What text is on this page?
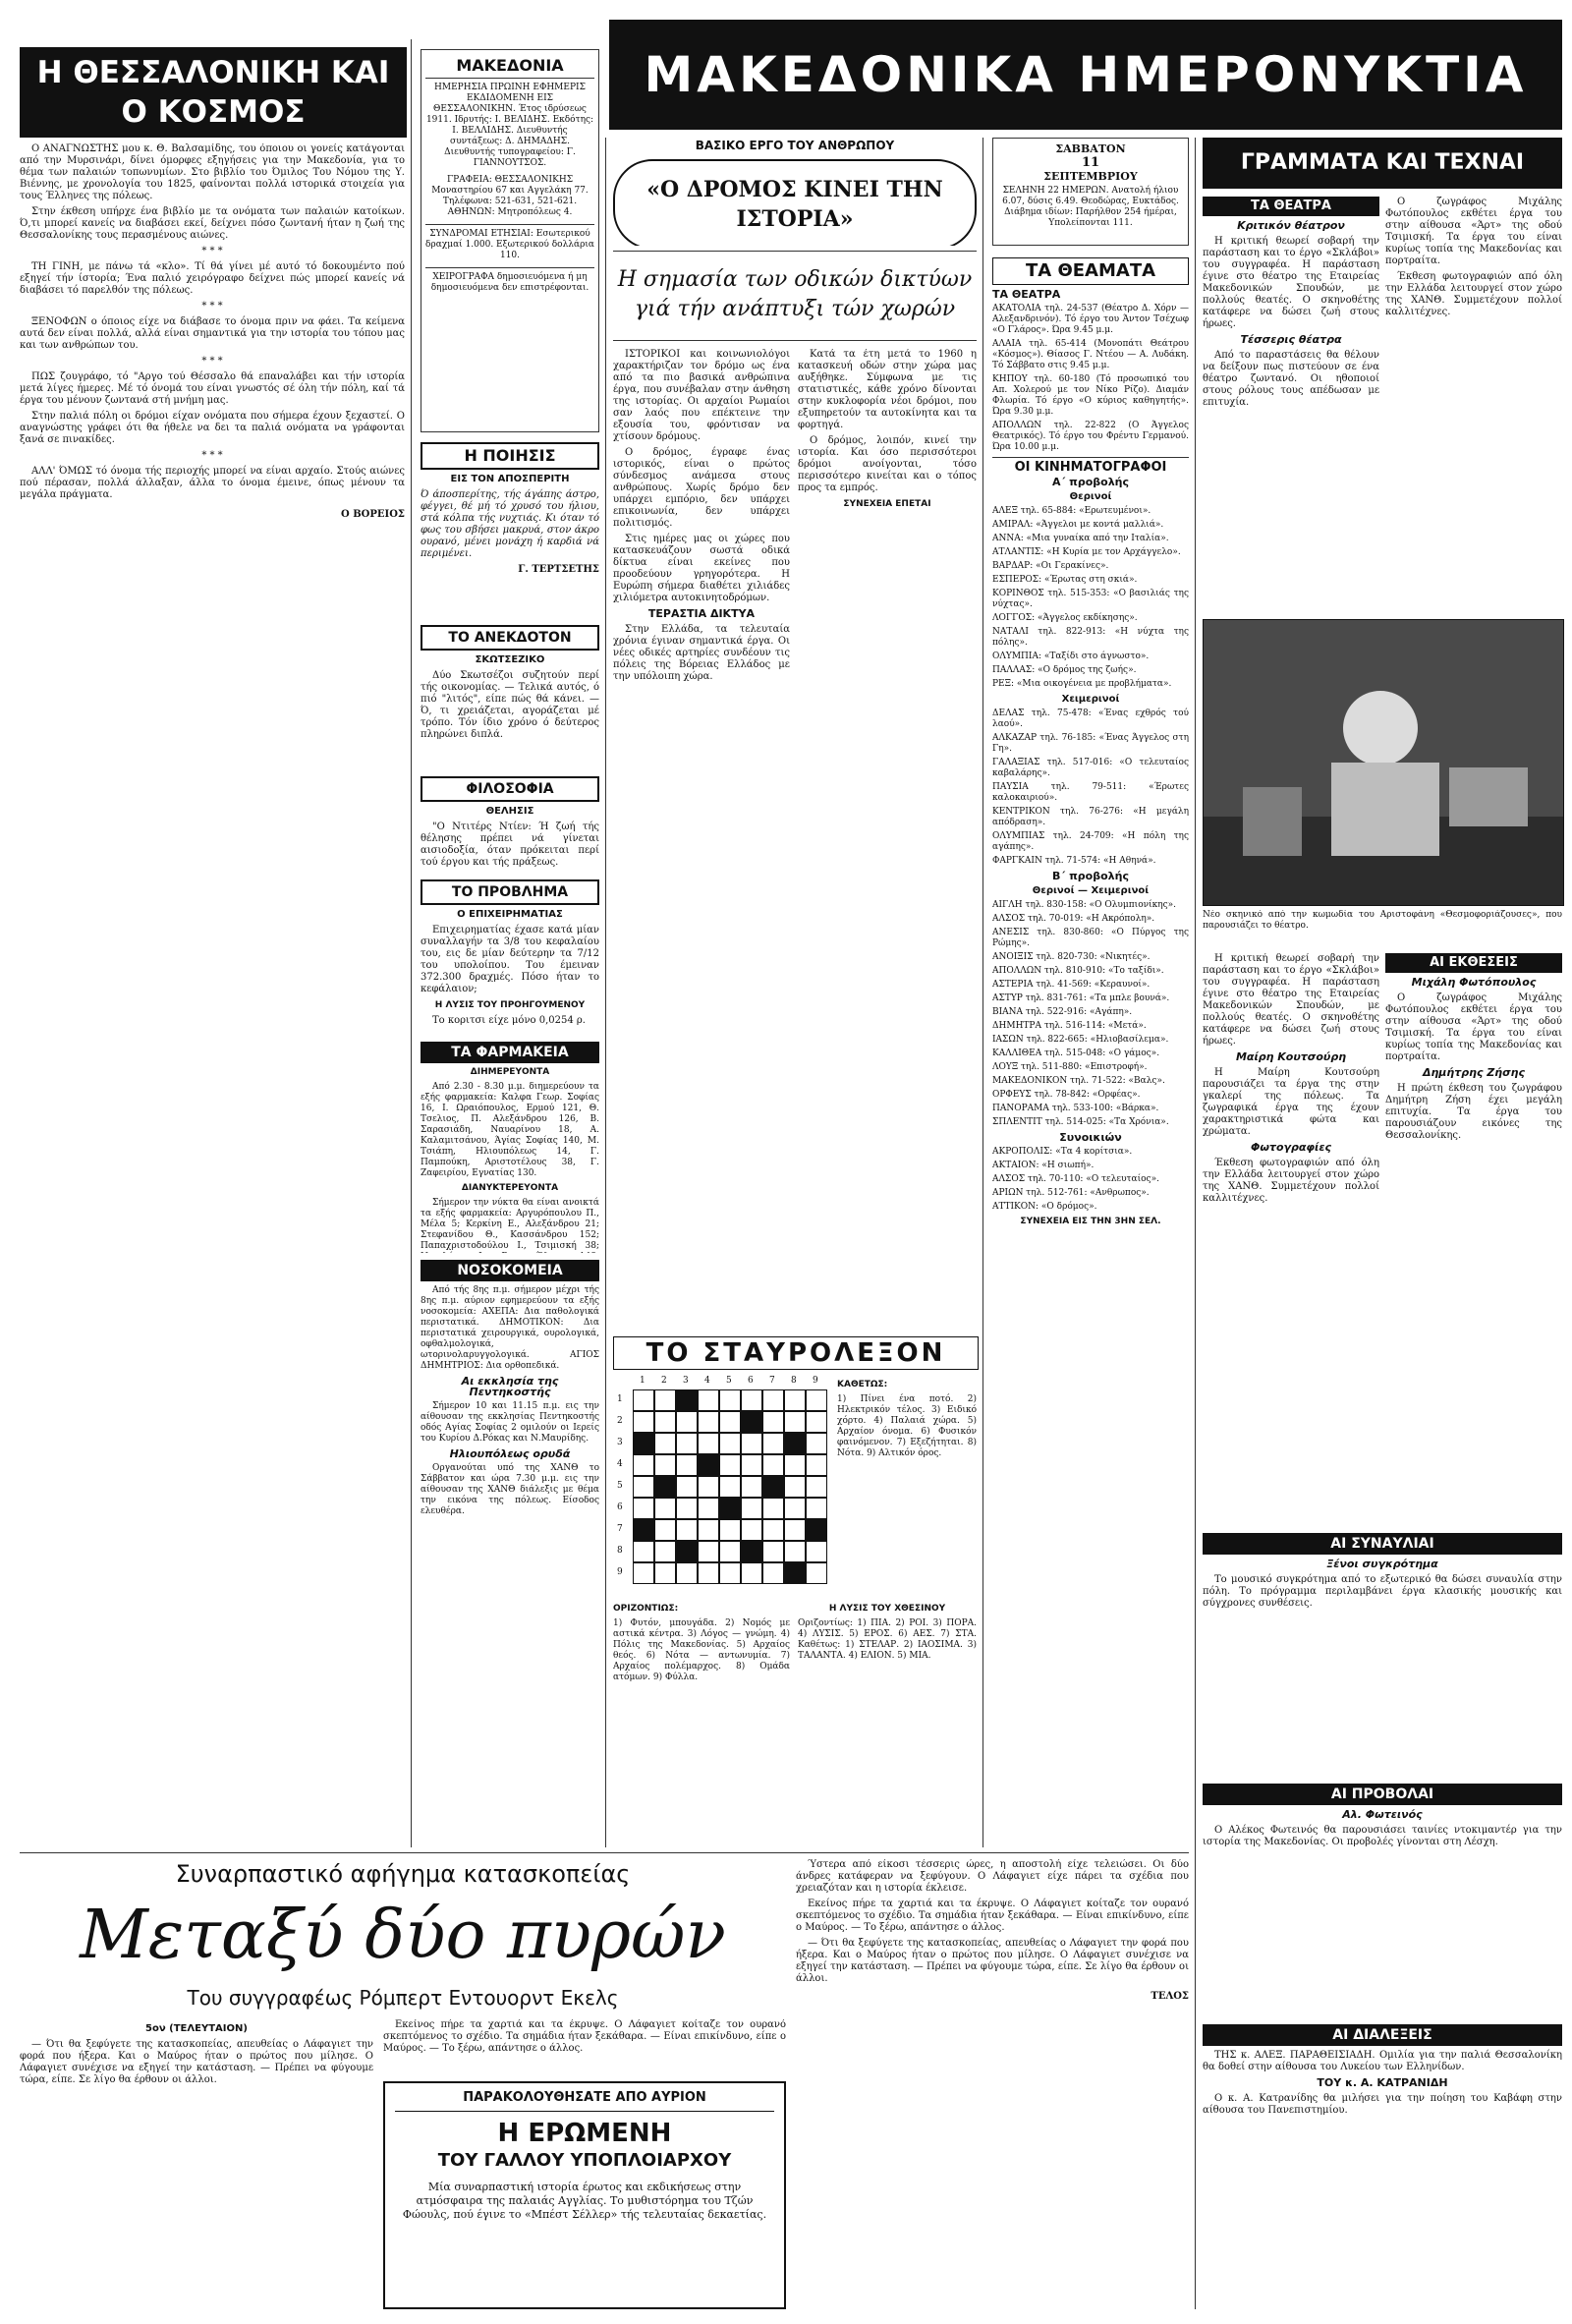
ΜΑΚΕΔΟΝΙΚΑ ΗΜΕΡΟΝΥΚΤΙΑ
Η ΘΕΣΣΑΛΟΝΙΚΗ ΚΑΙ Ο ΚΟΣΜΟΣ

Ο ΑΝΑΓΝΩΣΤΗΣ μου κ. Θ. Βαλσαμίδης, του όποιου οι γονείς κατάγονται από την Μυρσινάρι, δίνει όμορφες εξηγήσεις για την Μακεδονία, για το θέμα των παλαιών τοπωνυμίων. Στο βιβλίο του Όμιλος Του Νόμου της Υ. Βιέννης, με χρονολογία του 1825, φαίνονται πολλά ιστορικά στοιχεία για τους Έλληνες της πόλεως.

Στην έκθεση υπήρχε ένα βιβλίο με τα ονόματα των παλαιών κατοίκων. Ό,τι μπορεί κανείς να διαβάσει εκεί, δείχνει πόσο ζωντανή ήταν η ζωή της Θεσσαλονίκης τους περασμένους αιώνες.

* * *

ΤΗ ΓΙΝΗ, με πάνω τά «κλο». Τί θά γίνει μέ αυτό τό δοκουμέντο πού εξηγεί τήν ίστορία; Ένα παλιό χειρόγραφο δείχνει πώς μπορεί κανείς νά διαβάσει τό παρελθόν της πόλεως.

* * *

ΞΕΝΟΦΩΝ ο όποιος είχε να διάβασε το όνομα πριν να φάει. Τα κείμενα αυτά δεν είναι πολλά, αλλά είναι σημαντικά για την ιστορία του τόπου μας και των ανθρώπων του.

* * *

ΠΩΣ ζουγράφο, τό "Αργο τού Θέσσαλο θά επαναλάβει και τήν ιστορία μετά λίγες ήμερες. Μέ τό όνομά του είναι γνωστός σέ όλη τήν πόλη, καί τά έργα του μένουν ζωντανά στή μνήμη μας.

Στην παλιά πόλη οι δρόμοι είχαν ονόματα που σήμερα έχουν ξεχαστεί. Ο αναγνώστης γράφει ότι θα ήθελε να δει τα παλιά ονόματα να γράφονται ξανά σε πινακίδες.

* * *

ΑΛΛ' ΌΜΩΣ τό όνομα τής περιοχής μπορεί να είναι αρχαίο. Στούς αιώνες πού πέρασαν, πολλά άλλαξαν, άλλα το όνομα έμεινε, όπως μένουν τα μεγάλα πράγματα.

Ο ΒΟΡΕΙΟΣ
ΜΑΚΕΔΟΝΙΑ
ΗΜΕΡΗΣΙΑ ΠΡΩΙΝΗ ΕΦΗΜΕΡΙΣ ΕΚΔΙΔΟΜΕΝΗ ΕΙΣ ΘΕΣΣΑΛΟΝΙΚΗΝ. Έτος ιδρύσεως 1911. Ιδρυτής: Ι. ΒΕΛΙΔΗΣ. Εκδότης: Ι. ΒΕΛΛΙΔΗΣ. Διευθυντής συντάξεως: Δ. ΔΗΜΑΔΗΣ. Διευθυντής τυπογραφείου: Γ. ΓΙΑΝΝΟΥΤΣΟΣ.
ΓΡΑΦΕΙΑ: ΘΕΣΣΑΛΟΝΙΚΗΣ Μοναστηρίου 67 και Αγγελάκη 77. Τηλέφωνα: 521-631, 521-621. ΑΘΗΝΩΝ: Μητροπόλεως 4.
ΣΥΝΔΡΟΜΑΙ ΕΤΗΣΙΑΙ: Εσωτερικού δραχμαί 1.000. Εξωτερικού δολλάρια 110.
ΧΕΙΡΟΓΡΑΦΑ δημοσιευόμενα ή μη δημοσιευόμενα δεν επιστρέφονται.
Η ΠΟΙΗΣΙΣ
ΕΙΣ ΤΟΝ ΑΠΟΣΠΕΡΙΤΗ

Ό άποσπερίτης, τής άγάπης άστρο, φέγγει, θέ μή τό χρυσό του ήλιου, στά κόλπα τής νυχτιάς. Κι όταν τό φως του σβήσει μακρυά, στον άκρο ουρανό, μένει μονάχη ή καρδιά νά περιμένει.

Γ. ΤΕΡΤΣΕΤΗΣ
ΤΟ ΑΝΕΚΔΟΤΟΝ
ΣΚΩΤΣΕΖΙΚΟ

Δύο Σκωτσέζοι συζητούν περί τής οικονομίας. — Τελικά αυτός, ό πιό "λιτός", είπε πώς θά κάνει. — Ό, τι χρειάζεται, αγοράζεται μέ τρόπο. Τόν ίδιο χρόνο ό δεύτερος πληρώνει διπλά.

ΦΙΛΟΣΟΦΙΑ
ΘΕΛΗΣΙΣ

"Ο Ντιτέρς Ντίεν: Ή ζωή τής θέλησης πρέπει νά γίνεται αισιοδοξία, όταν πρόκειται περί τού έργου και τής πράξεως.

ΤΟ ΠΡΟΒΛΗΜΑ
Ο ΕΠΙΧΕΙΡΗΜΑΤΙΑΣ

Επιχειρηματίας έχασε κατά μίαν συναλλαγήν τα 3/8 του κεφαλαίου του, εις δε μίαν δεύτερην τα 7/12 του υπολοίπου. Του έμειναν 372.300 δραχμές. Πόσο ήταν το κεφάλαιον;

Η ΛΥΣΙΣ ΤΟΥ ΠΡΟΗΓΟΥΜΕΝΟΥ

Το κοριτσι είχε μόνο 0,0254 ρ.

ΤΑ ΦΑΡΜΑΚΕΙΑ
ΔΙΗΜΕΡΕΥΟΝΤΑ

Από 2.30 - 8.30 μ.μ. διημερεύουν τα εξής φαρμακεία: Καλφα Γεωρ. Σοφίας 16, Ι. Ωραιόπουλος, Ερμού 121, Θ. Τσελιος, Π. Αλεξάνδρου 126, Β. Σαρασιάδη, Ναυαρίνου 18, Α. Καλαμιτσάνου, Άγίας Σοφίας 140, Μ. Τσιάπη, Ηλιουπόλεως 14, Γ. Παμπούκη, Αριστοτέλους 38, Γ. Ζαφειρίου, Εγνατίας 130.

ΔΙΑΝΥΚΤΕΡΕΥΟΝΤΑ

Σήμερον την νύκτα θα είναι ανοικτά τα εξής φαρμακεία: Αργυρόπουλου Π., Μέλα 5; Κερκίνη Ε., Αλεξάνδρου 21; Στεφανίδου Θ., Κασσάνδρου 152; Παπαχριστοδούλου Ι., Τσιμισκή 38;

ΝΟΣΟΚΟΜΕΙΑ

Από τής 8ης π.μ. σήμερον μέχρι τής 8ης π.μ. αύριον εφημερεύουν τα εξής νοσοκομεία: ΑΧΕΠΑ: Δια παθολογικά περιστατικά. ΔΗΜΟΤΙΚΟΝ: Δια περιστατικά χειρουργικά, ουρολογικά, οφθαλμολογικά, ωτορινολαρυγγολογικά. ΑΓΙΟΣ ΔΗΜΗΤΡΙΟΣ: Δια ορθοπεδικά.

Αι εκκλησία της Πεντηκοστής

Σήμερον 10 και 11.15 π.μ. εις την αίθουσαν της εκκλησίας Πεντηκοστής οδός Αγίας Σοφίας 2 ομιλούν οι Ιερείς του Κυρίου Δ.Ρόκας και Ν.Μαυρίδης.

Ηλιουπόλεως ορυδά

Οργανούται υπό της ΧΑΝΘ το Σάββατον και ώρα 7.30 μ.μ. εις την αίθουσαν της ΧΑΝΘ διάλεξις με θέμα την εικόνα της πόλεως. Είσοδος ελευθέρα.

ΒΑΣΙΚΟ ΕΡΓΟ ΤΟΥ ΑΝΘΡΩΠΟΥ
«Ο ΔΡΟΜΟΣ ΚΙΝΕΙ ΤΗΝ ΙΣΤΟΡΙΑ»
Η σημασία των οδικών δικτύων γιά τήν ανάπτυξι τών χωρών

ΙΣΤΟΡΙΚΟΙ και κοινωνιολόγοι χαρακτήριζαν τον δρόμο ως ένα από τα πιο βασικά ανθρώπινα έργα, που συνέβαλαν στην άνθηση της ιστορίας. Οι αρχαίοι Ρωμαίοι σαν λαός που επέκτεινε την εξουσία του, φρόντισαν να χτίσουν δρόμους.

Ο δρόμος, έγραφε ένας ιστορικός, είναι ο πρώτος σύνδεσμος ανάμεσα στους ανθρώπους. Χωρίς δρόμο δεν υπάρχει εμπόριο, δεν υπάρχει επικοινωνία, δεν υπάρχει πολιτισμός.

Στις ημέρες μας οι χώρες που κατασκευάζουν σωστά οδικά δίκτυα είναι εκείνες που προοδεύουν γρηγορότερα. Η Ευρώπη σήμερα διαθέτει χιλιάδες χιλιόμετρα αυτοκινητοδρόμων.

ΤΕΡΑΣΤΙΑ ΔΙΚΤΥΑ

Στην Ελλάδα, τα τελευταία χρόνια έγιναν σημαντικά έργα. Οι νέες οδικές αρτηρίες συνδέουν τις πόλεις της Βόρειας Ελλάδος με την υπόλοιπη χώρα.

Κατά τα έτη μετά το 1960 η κατασκευή οδών στην χώρα μας αυξήθηκε. Σύμφωνα με τις στατιστικές, κάθε χρόνο δίνονται στην κυκλοφορία νέοι δρόμοι, που εξυπηρετούν τα αυτοκίνητα και τα φορτηγά.

Ο δρόμος, λοιπόν, κινεί την ιστορία. Και όσο περισσότεροι δρόμοι ανοίγονται, τόσο περισσότερο κινείται και ο τόπος προς τα εμπρός.

ΣΥΝΕΧΕΙΑ ΕΠΕΤΑΙ
ΤΟ ΣΤΑΥΡΟΛΕΞΟΝ
1 2 3 4 5 6 7 8 9
1
2
3
4
5
6
7
8
9
ΚΑΘΕΤΩΣ:

1) Πίνει ένα ποτό. 2) Ηλεκτρικόν τέλος. 3) Ειδικό χόρτο. 4) Παλαιά χώρα. 5) Αρχαίον όνομα. 6) Φυσικόν φαινόμενον. 7) Εξεζήτηται. 8) Νότα. 9) Αλτικόν όρος.

ΟΡΙΖΟΝΤΙΩΣ:

1) Φυτόν, μπουγάδα. 2) Νομός με αστικά κέντρα. 3) Λόγος — γνώμη. 4) Πόλις της Μακεδονίας. 5) Αρχαίος θεός. 6) Νότα — αντωνυμία. 7) Αρχαίος πολέμαρχος. 8) Ομάδα ατόμων. 9) Φύλλα.

Η ΛΥΣΙΣ ΤΟΥ ΧΘΕΣΙΝΟΥ

Οριζοντίως: 1) ΠΙΑ. 2) ΡΟΙ. 3) ΠΟΡΑ. 4) ΛΥΣΙΣ. 5) ΕΡΟΣ. 6) ΑΕΣ. 7) ΣΤΑ. Καθέτως: 1) ΣΤΕΛΑΡ. 2) ΙΑΟΣΙΜΑ. 3) ΤΑΛΑΝΤΑ. 4) ΕΛΙΟΝ. 5) ΜΙΑ.

ΣΑΒΒΑΤΟΝ
11
ΣΕΠΤΕΜΒΡΙΟΥ
ΣΕΛΗΝΗ 22 ΗΜΕΡΩΝ. Ανατολή ήλιου 6.07, δύσις 6.49. Θεοδώρας, Ευκτάδος. Διάβημα ιδίων: Παρήλθον 254 ήμέραι, Υπολείπονται 111.
ΤΑ ΘΕΑΜΑΤΑ
ΤΑ ΘΕΑΤΡΑ
ΑΚΑΤΟΛΙΑ τηλ. 24-537 (Θέατρο Δ. Χόρν — Αλεξανδρινόν). Τό έργο του Άντον Τσέχωφ «Ο Γλάρος». Ώρα 9.45 μ.μ.
ΑΛΑΙΑ τηλ. 65-414 (Μονοπάτι Θεάτρου «Κόσμος»). Θίασος Γ. Ντέου — Α. Λυδάκη. Τό Σάββατο στις 9.45 μ.μ.
ΚΗΠΟΥ τηλ. 60-180 (Τό προσωπικό του Απ. Χολερού με τον Νίκο Ρίζο). Διαμάν Φλωρία. Τό έργο «Ο κύριος καθηγητής». Ώρα 9.30 μ.μ.
ΑΠΟΛΛΩΝ τηλ. 22-822 (Ο Άγγελος Θεατρικός). Τό έργο του Φρέντυ Γερμανού. Ώρα 10.00 μ.μ.
ΟΙ ΚΙΝΗΜΑΤΟΓΡΑΦΟΙ
Α΄ προβολής
Θερινοί
ΑΛΕΞ τηλ. 65-884: «Ερωτευμένοι».
ΑΜΙΡΑΛ: «Άγγελοι με κοντά μαλλιά».
ΑΝΝΑ: «Μια γυναίκα από την Ιταλία».
ΑΤΛΑΝΤΙΣ: «Η Κυρία με τον Αρχάγγελο».
ΒΑΡΔΑΡ: «Οι Γερακίνες».
ΕΣΠΕΡΟΣ: «Έρωτας στη σκιά».
ΚΟΡΙΝΘΟΣ τηλ. 515-353: «Ο βασιλιάς της νύχτας».
ΛΟΓΓΟΣ: «Άγγελος εκδίκησης».
ΝΑΤΑΛΙ τηλ. 822-913: «Η νύχτα της πόλης».
ΟΛΥΜΠΙΑ: «Ταξίδι στο άγνωστο».
ΠΑΛΛΑΣ: «Ο δρόμος της ζωής».
ΡΕΞ: «Μια οικογένεια με προβλήματα».
Χειμερινοί
ΔΕΛΑΣ τηλ. 75-478: «Ένας εχθρός τού λαού».
ΑΛΚΑΖΑΡ τηλ. 76-185: «Ένας Άγγελος στη Γη».
ΓΑΛΑΞΙΑΣ τηλ. 517-016: «Ο τελευταίος καβαλάρης».
ΠΑΥΣΙΑ τηλ. 79-511: «Έρωτες καλοκαιριού».
ΚΕΝΤΡΙΚΟΝ τηλ. 76-276: «Η μεγάλη απόδραση».
ΟΛΥΜΠΙΑΣ τηλ. 24-709: «Η πόλη της αγάπης».
ΦΑΡΓΚΑΙΝ τηλ. 71-574: «Η Αθηνά».
Β΄ προβολής
Θερινοί — Χειμερινοί
ΑΙΓΛΗ τηλ. 830-158: «Ο Ολυμπιονίκης».
ΑΛΣΟΣ τηλ. 70-019: «Η Ακρόπολη».
ΑΝΕΣΙΣ τηλ. 830-860: «Ο Πύργος της Ρώμης».
ΑΝΟΙΞΙΣ τηλ. 820-730: «Νικητές».
ΑΠΟΛΛΩΝ τηλ. 810-910: «Το ταξίδι».
ΑΣΤΕΡΙΑ τηλ. 41-569: «Κεραυνοί».
ΑΣΤΥΡ τηλ. 831-761: «Τα μπλε βουνά».
ΒΙΑΝΑ τηλ. 522-916: «Αγάπη».
ΔΗΜΗΤΡΑ τηλ. 516-114: «Μετά».
ΙΑΣΩΝ τηλ. 822-665: «Ηλιοβασίλεμα».
ΚΑΛΛΙΘΕΑ τηλ. 515-048: «Ο γάμος».
ΛΟΥΞ τηλ. 511-880: «Επιστροφή».
ΜΑΚΕΔΟΝΙΚΟΝ τηλ. 71-522: «Βαλς».
ΟΡΦΕΥΣ τηλ. 78-842: «Ορφέας».
ΠΑΝΟΡΑΜΑ τηλ. 533-100: «Βάρκα».
ΣΠΛΕΝΤΙΤ τηλ. 514-025: «Τα Χρόνια».
Συνοικιών
ΑΚΡΟΠΟΛΙΣ: «Τα 4 κορίτσια».
ΑΚΤΑΙΟΝ: «Η σιωπή».
ΑΛΣΟΣ τηλ. 70-110: «Ο τελευταίος».
ΑΡΙΩΝ τηλ. 512-761: «Ανθρωπος».
ΑΤΤΙΚΟΝ: «Ο δρόμος».
ΣΥΝΕΧΕΙΑ ΕΙΣ ΤΗΝ 3ΗΝ ΣΕΛ.
ΓΡΑΜΜΑΤΑ ΚΑΙ ΤΕΧΝΑΙ
ΤΑ ΘΕΑΤΡΑ
Κριτικόν θέατρον

Η κριτική θεωρεί σοβαρή την παράσταση και το έργο «Σκλάβοι» του συγγραφέα. Η παράσταση έγινε στο θέατρο της Εταιρείας Μακεδονικών Σπουδών, με πολλούς θεατές. Ο σκηνοθέτης κατάφερε να δώσει ζωή στους ήρωες.

Τέσσερις θέατρα

Από το παραστάσεις θα θέλουν να δείξουν πως πιστεύουν σε ένα θέατρο ζωντανό. Οι ηθοποιοί στους ρόλους τους απέδωσαν με επιτυχία.

Ο ζωγράφος Μιχάλης Φωτόπουλος εκθέτει έργα του στην αίθουσα «Άρτ» της οδού Τσιμισκή. Τα έργα του είναι κυρίως τοπία της Μακεδονίας και πορτραίτα.

Έκθεση φωτογραφιών από όλη την Ελλάδα λειτουργεί στον χώρο της ΧΑΝΘ. Συμμετέχουν πολλοί καλλιτέχνες.

Νέο σκηνικό από την κωμωδία του Αριστοφάνη «Θεσμοφοριάζουσες», που παρουσιάζει το θέατρο.

Η κριτική θεωρεί σοβαρή την παράσταση και το έργο «Σκλάβοι» του συγγραφέα. Η παράσταση έγινε στο θέατρο της Εταιρείας Μακεδονικών Σπουδών, με πολλούς θεατές. Ο σκηνοθέτης κατάφερε να δώσει ζωή στους ήρωες.

Μαίρη Κουτσούρη

Η Μαίρη Κουτσούρη παρουσιάζει τα έργα της στην γκαλερί της πόλεως. Τα ζωγραφικά έργα της έχουν χαρακτηριστικά φώτα και χρώματα.

Φωτογραφίες

Έκθεση φωτογραφιών από όλη την Ελλάδα λειτουργεί στον χώρο της ΧΑΝΘ. Συμμετέχουν πολλοί καλλιτέχνες.

ΑΙ ΕΚΘΕΣΕΙΣ
Μιχάλη Φωτόπουλος

Ο ζωγράφος Μιχάλης Φωτόπουλος εκθέτει έργα του στην αίθουσα «Άρτ» της οδού Τσιμισκή. Τα έργα του είναι κυρίως τοπία της Μακεδονίας και πορτραίτα.

Δημήτρης Ζήσης

Η πρώτη έκθεση του ζωγράφου Δημήτρη Ζήση έχει μεγάλη επιτυχία. Τα έργα του παρουσιάζουν εικόνες της Θεσσαλονίκης.

ΑΙ ΣΥΝΑΥΛΙΑΙ
Ξένοι συγκρότημα

Το μουσικό συγκρότημα από το εξωτερικό θα δώσει συναυλία στην πόλη. Το πρόγραμμα περιλαμβάνει έργα κλασικής μουσικής και σύγχρονες συνθέσεις.

ΑΙ ΠΡΟΒΟΛΑΙ
Αλ. Φωτεινός

Ο Αλέκος Φωτεινός θα παρουσιάσει ταινίες ντοκιμαντέρ για την ιστορία της Μακεδονίας. Οι προβολές γίνονται στη Λέσχη.

ΑΙ ΔΙΑΛΕΞΕΙΣ

ΤΗΣ κ. ΑΛΕΞ. ΠΑΡΑΘΕΙΣΙΑΔΗ. Ομιλία για την παλιά Θεσσαλονίκη θα δοθεί στην αίθουσα του Λυκείου των Ελληνίδων.

ΤΟΥ κ. Α. ΚΑΤΡΑΝΙΔΗ

Ο κ. Α. Κατρανίδης θα μιλήσει για την ποίηση του Καβάφη στην αίθουσα του Πανεπιστημίου.

Συναρπαστικό αφήγημα κατασκοπείας
Μεταξύ δύο πυρών
Του συγγραφέως Ρόμπερτ Εντουορντ Εκελς
5ον (ΤΕΛΕΥΤΑΙΟΝ)

— Ότι θα ξεφύγετε της κατασκοπείας, απευθείας ο Λάφαγιετ την φορά που ήξερα. Και ο Μαύρος ήταν ο πρώτος που μίλησε. Ο Λάφαγιετ συνέχισε να εξηγεί την κατάσταση. — Πρέπει να φύγουμε τώρα, είπε. Σε λίγο θα έρθουν οι άλλοι.

Εκείνος πήρε τα χαρτιά και τα έκρυψε. Ο Λάφαγιετ κοίταζε τον ουρανό σκεπτόμενος το σχέδιο. Τα σημάδια ήταν ξεκάθαρα. — Είναι επικίνδυνο, είπε ο Μαύρος. — Το ξέρω, απάντησε ο άλλος.

ΠΑΡΑΚΟΛΟΥΘΗΣΑΤΕ ΑΠΟ ΑΥΡΙΟΝ
Η ΕΡΩΜΕΝΗ
ΤΟΥ ΓΑΛΛΟΥ ΥΠΟΠΛΟΙΑΡΧΟΥ
Μία συναρπαστική ιστορία έρωτος και εκδικήσεως στην ατμόσφαιρα της παλαιάς Αγγλίας. Το μυθιστόρημα του Τζών Φώουλς, πού έγινε το «Μπέστ Σέλλερ» τής τελευταίας δεκαετίας.

Ύστερα από είκοσι τέσσερις ώρες, η αποστολή είχε τελειώσει. Οι δύο άνδρες κατάφεραν να ξεφύγουν. Ο Λάφαγιετ είχε πάρει τα σχέδια που χρειαζόταν και η ιστορία έκλεισε.

Εκείνος πήρε τα χαρτιά και τα έκρυψε. Ο Λάφαγιετ κοίταζε τον ουρανό σκεπτόμενος το σχέδιο. Τα σημάδια ήταν ξεκάθαρα. — Είναι επικίνδυνο, είπε ο Μαύρος. — Το ξέρω, απάντησε ο άλλος.

— Ότι θα ξεφύγετε της κατασκοπείας, απευθείας ο Λάφαγιετ την φορά που ήξερα. Και ο Μαύρος ήταν ο πρώτος που μίλησε. Ο Λάφαγιετ συνέχισε να εξηγεί την κατάσταση. — Πρέπει να φύγουμε τώρα, είπε. Σε λίγο θα έρθουν οι άλλοι.

ΤΕΛΟΣ
